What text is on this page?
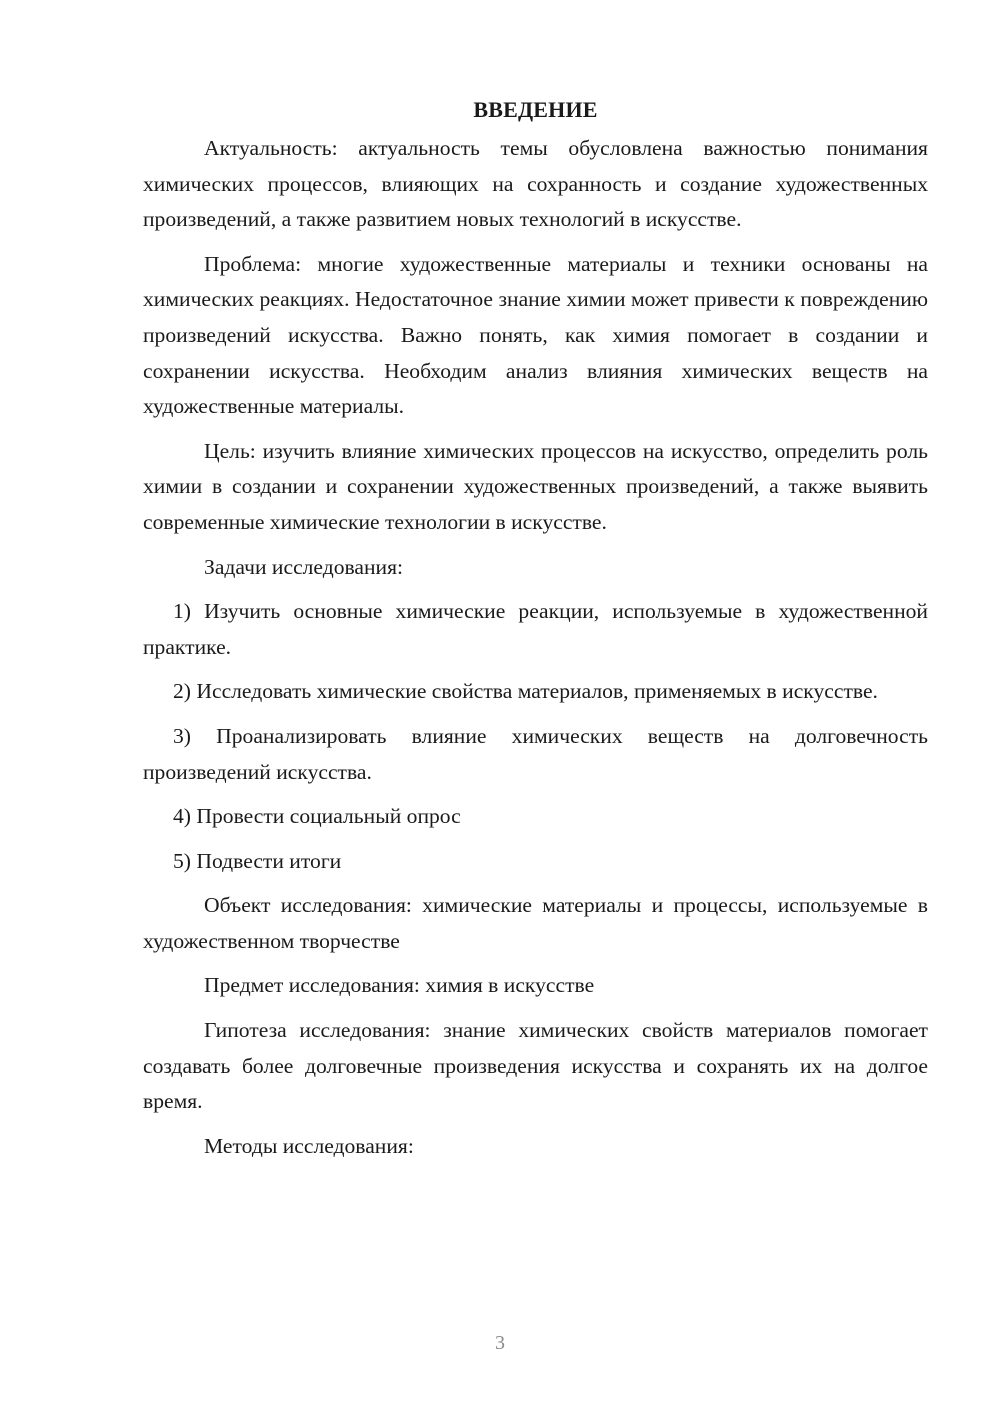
ВВЕДЕНИЕ

Актуальность: актуальность темы обусловлена важностью понимания химических процессов, влияющих на сохранность и создание художественных произведений, а также развитием новых технологий в искусстве.

Проблема: многие художественные материалы и техники основаны на химических реакциях. Недостаточное знание химии может привести к повреждению произведений искусства. Важно понять, как химия помогает в создании и сохранении искусства. Необходим анализ влияния химических веществ на художественные материалы.

Цель: изучить влияние химических процессов на искусство, определить роль химии в создании и сохранении художественных произведений, а также выявить современные химические технологии в искусстве.

Задачи исследования:

1) Изучить основные химические реакции, используемые в художественной практике.

2) Исследовать химические свойства материалов, применяемых в искусстве.

3) Проанализировать влияние химических веществ на долговечность произведений искусства.

4) Провести социальный опрос

5) Подвести итоги

Объект исследования: химические материалы и процессы, используемые в художественном творчестве

Предмет исследования: химия в искусстве

Гипотеза исследования: знание химических свойств материалов помогает создавать более долговечные произведения искусства и сохранять их на долгое время.

Методы исследования:

3
